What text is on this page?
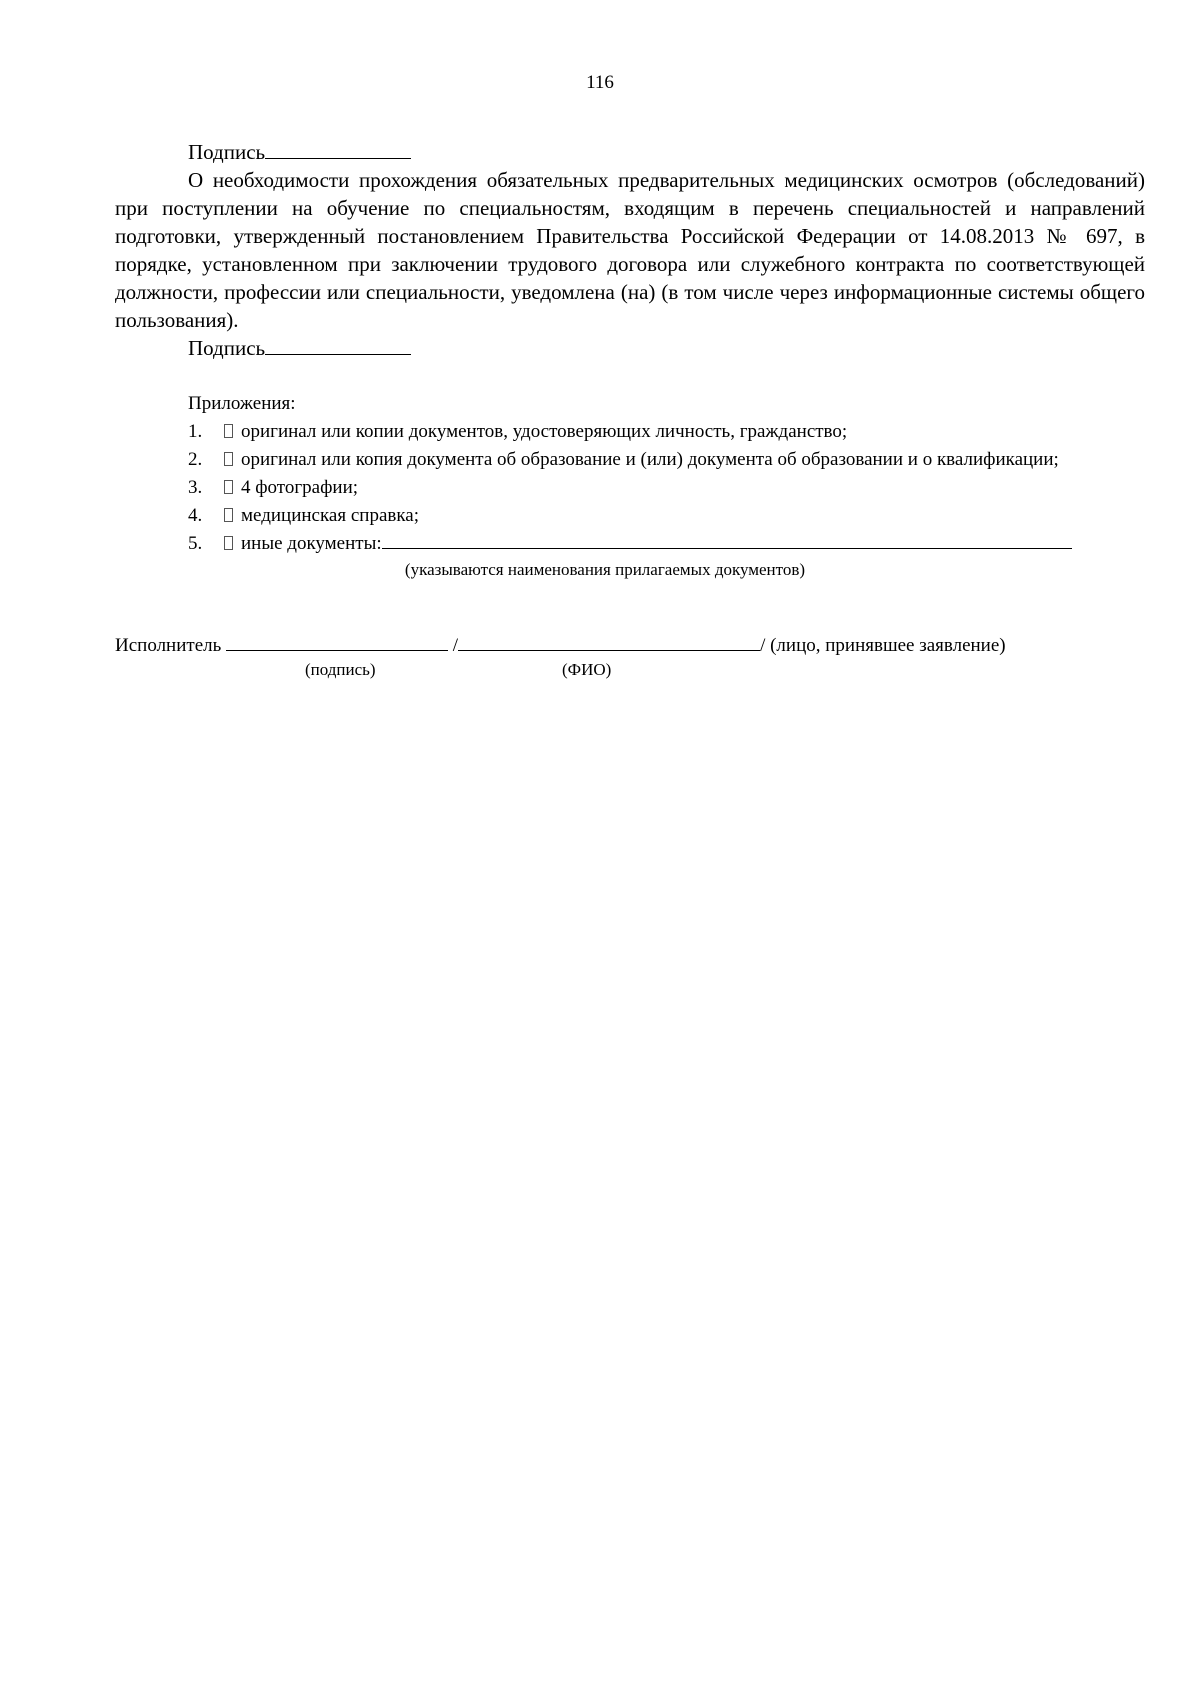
116
Подпись

О необходимости прохождения обязательных предварительных медицинских осмотров (обследований) при поступлении на обучение по специальностям, входящим в перечень специальностей и направлений подготовки, утвержденный постановлением Правительства Российской Федерации от 14.08.2013 № 697, в порядке, установленном при заключении трудового договора или служебного контракта по соответствующей должности, профессии или специальности, уведомлена (на) (в том числе через информационные системы общего пользования).

Подпись
Приложения:
1.	оригинал или копии документов, удостоверяющих личность, гражданство;
2.	оригинал или копия документа об образование и (или) документа об образовании и о квалификации;
3.	4 фотографии;
4.	медицинская справка;
5.	иные документы:
(указываются наименования прилагаемых документов)
Исполнитель	/	/ (лицо, принявшее заявление)
(подпись)	(ФИО)
